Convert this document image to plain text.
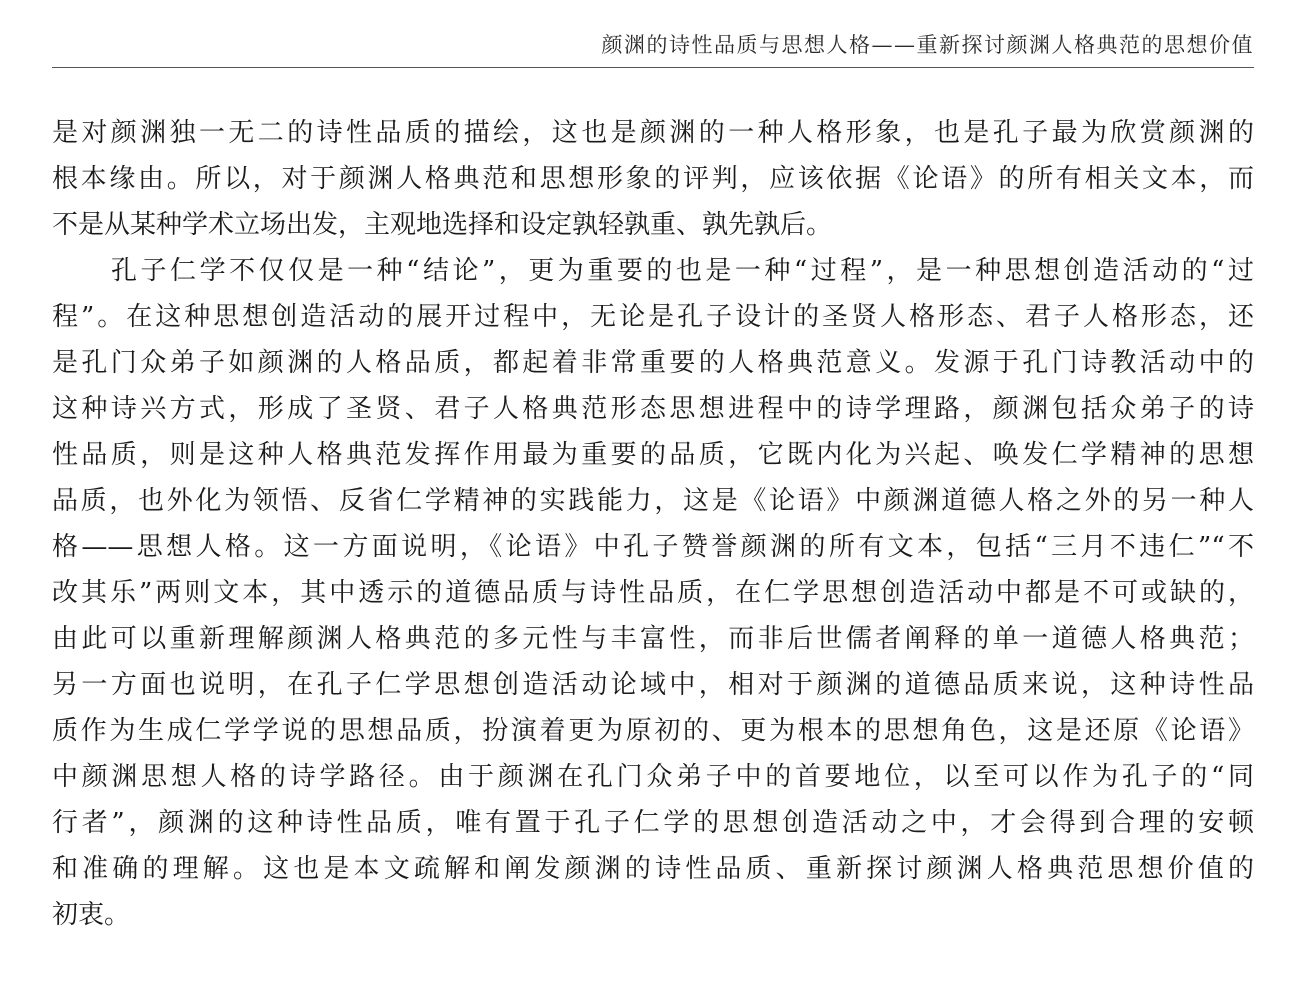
颜渊的诗性品质与思想人格——重新探讨颜渊人格典范的思想价值
是对颜渊独一无二的诗性品质的描绘，这也是颜渊的一种人格形象，也是孔子最为欣赏颜渊的
根本缘由。所以，对于颜渊人格典范和思想形象的评判，应该依据《论语》的所有相关文本，而
不是从某种学术立场出发，主观地选择和设定孰轻孰重、孰先孰后。
　　孔子仁学不仅仅是一种“结论”，更为重要的也是一种“过程”，是一种思想创造活动的“过
程”。在这种思想创造活动的展开过程中，无论是孔子设计的圣贤人格形态、君子人格形态，还
是孔门众弟子如颜渊的人格品质，都起着非常重要的人格典范意义。发源于孔门诗教活动中的
这种诗兴方式，形成了圣贤、君子人格典范形态思想进程中的诗学理路，颜渊包括众弟子的诗
性品质，则是这种人格典范发挥作用最为重要的品质，它既内化为兴起、唤发仁学精神的思想
品质，也外化为领悟、反省仁学精神的实践能力，这是《论语》中颜渊道德人格之外的另一种人
格——思想人格。这一方面说明，《论语》中孔子赞誉颜渊的所有文本，包括“三月不违仁”“不
改其乐”两则文本，其中透示的道德品质与诗性品质，在仁学思想创造活动中都是不可或缺的，
由此可以重新理解颜渊人格典范的多元性与丰富性，而非后世儒者阐释的单一道德人格典范；
另一方面也说明，在孔子仁学思想创造活动论域中，相对于颜渊的道德品质来说，这种诗性品
质作为生成仁学学说的思想品质，扮演着更为原初的、更为根本的思想角色，这是还原《论语》
中颜渊思想人格的诗学路径。由于颜渊在孔门众弟子中的首要地位，以至可以作为孔子的“同
行者”，颜渊的这种诗性品质，唯有置于孔子仁学的思想创造活动之中，才会得到合理的安顿
和准确的理解。这也是本文疏解和阐发颜渊的诗性品质、重新探讨颜渊人格典范思想价值的
初衷。
